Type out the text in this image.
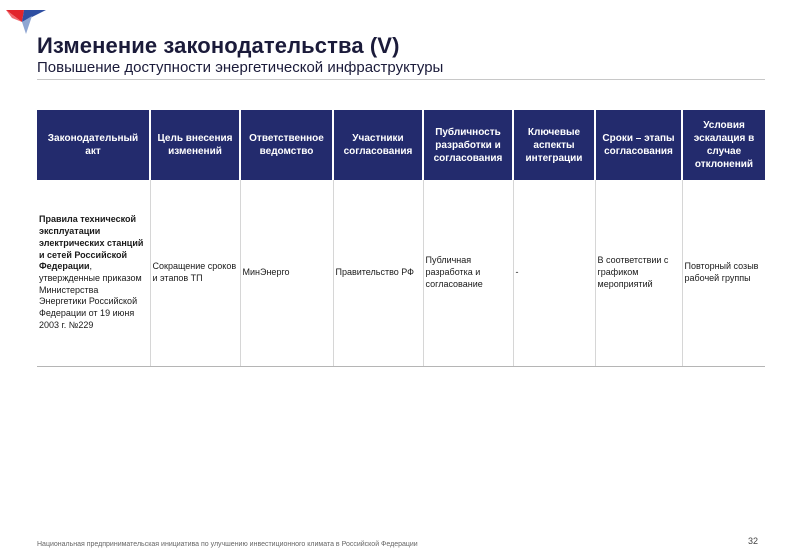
Изменение законодательства (V)
Повышение доступности энергетической инфраструктуры
Законодательный акт	Цель внесения изменений	Ответственное ведомство	Участники согласования	Публичность разработки и согласования	Ключевые аспекты интеграции	Сроки – этапы согласования	Условия эскалация в случае отклонений
Правила технической эксплуатации электрических станций и сетей Российской Федерации, утвержденные приказом Министерства Энергетики Российской Федерации от 19 июня 2003 г. №229	Сокращение сроков и этапов ТП	МинЭнерго	Правительство РФ	Публичная разработка и согласование	-	В соответствии с графиком мероприятий	Повторный созыв рабочей группы
32
Национальная предпринимательская инициатива по улучшению инвестиционного климата в Российской Федерации
